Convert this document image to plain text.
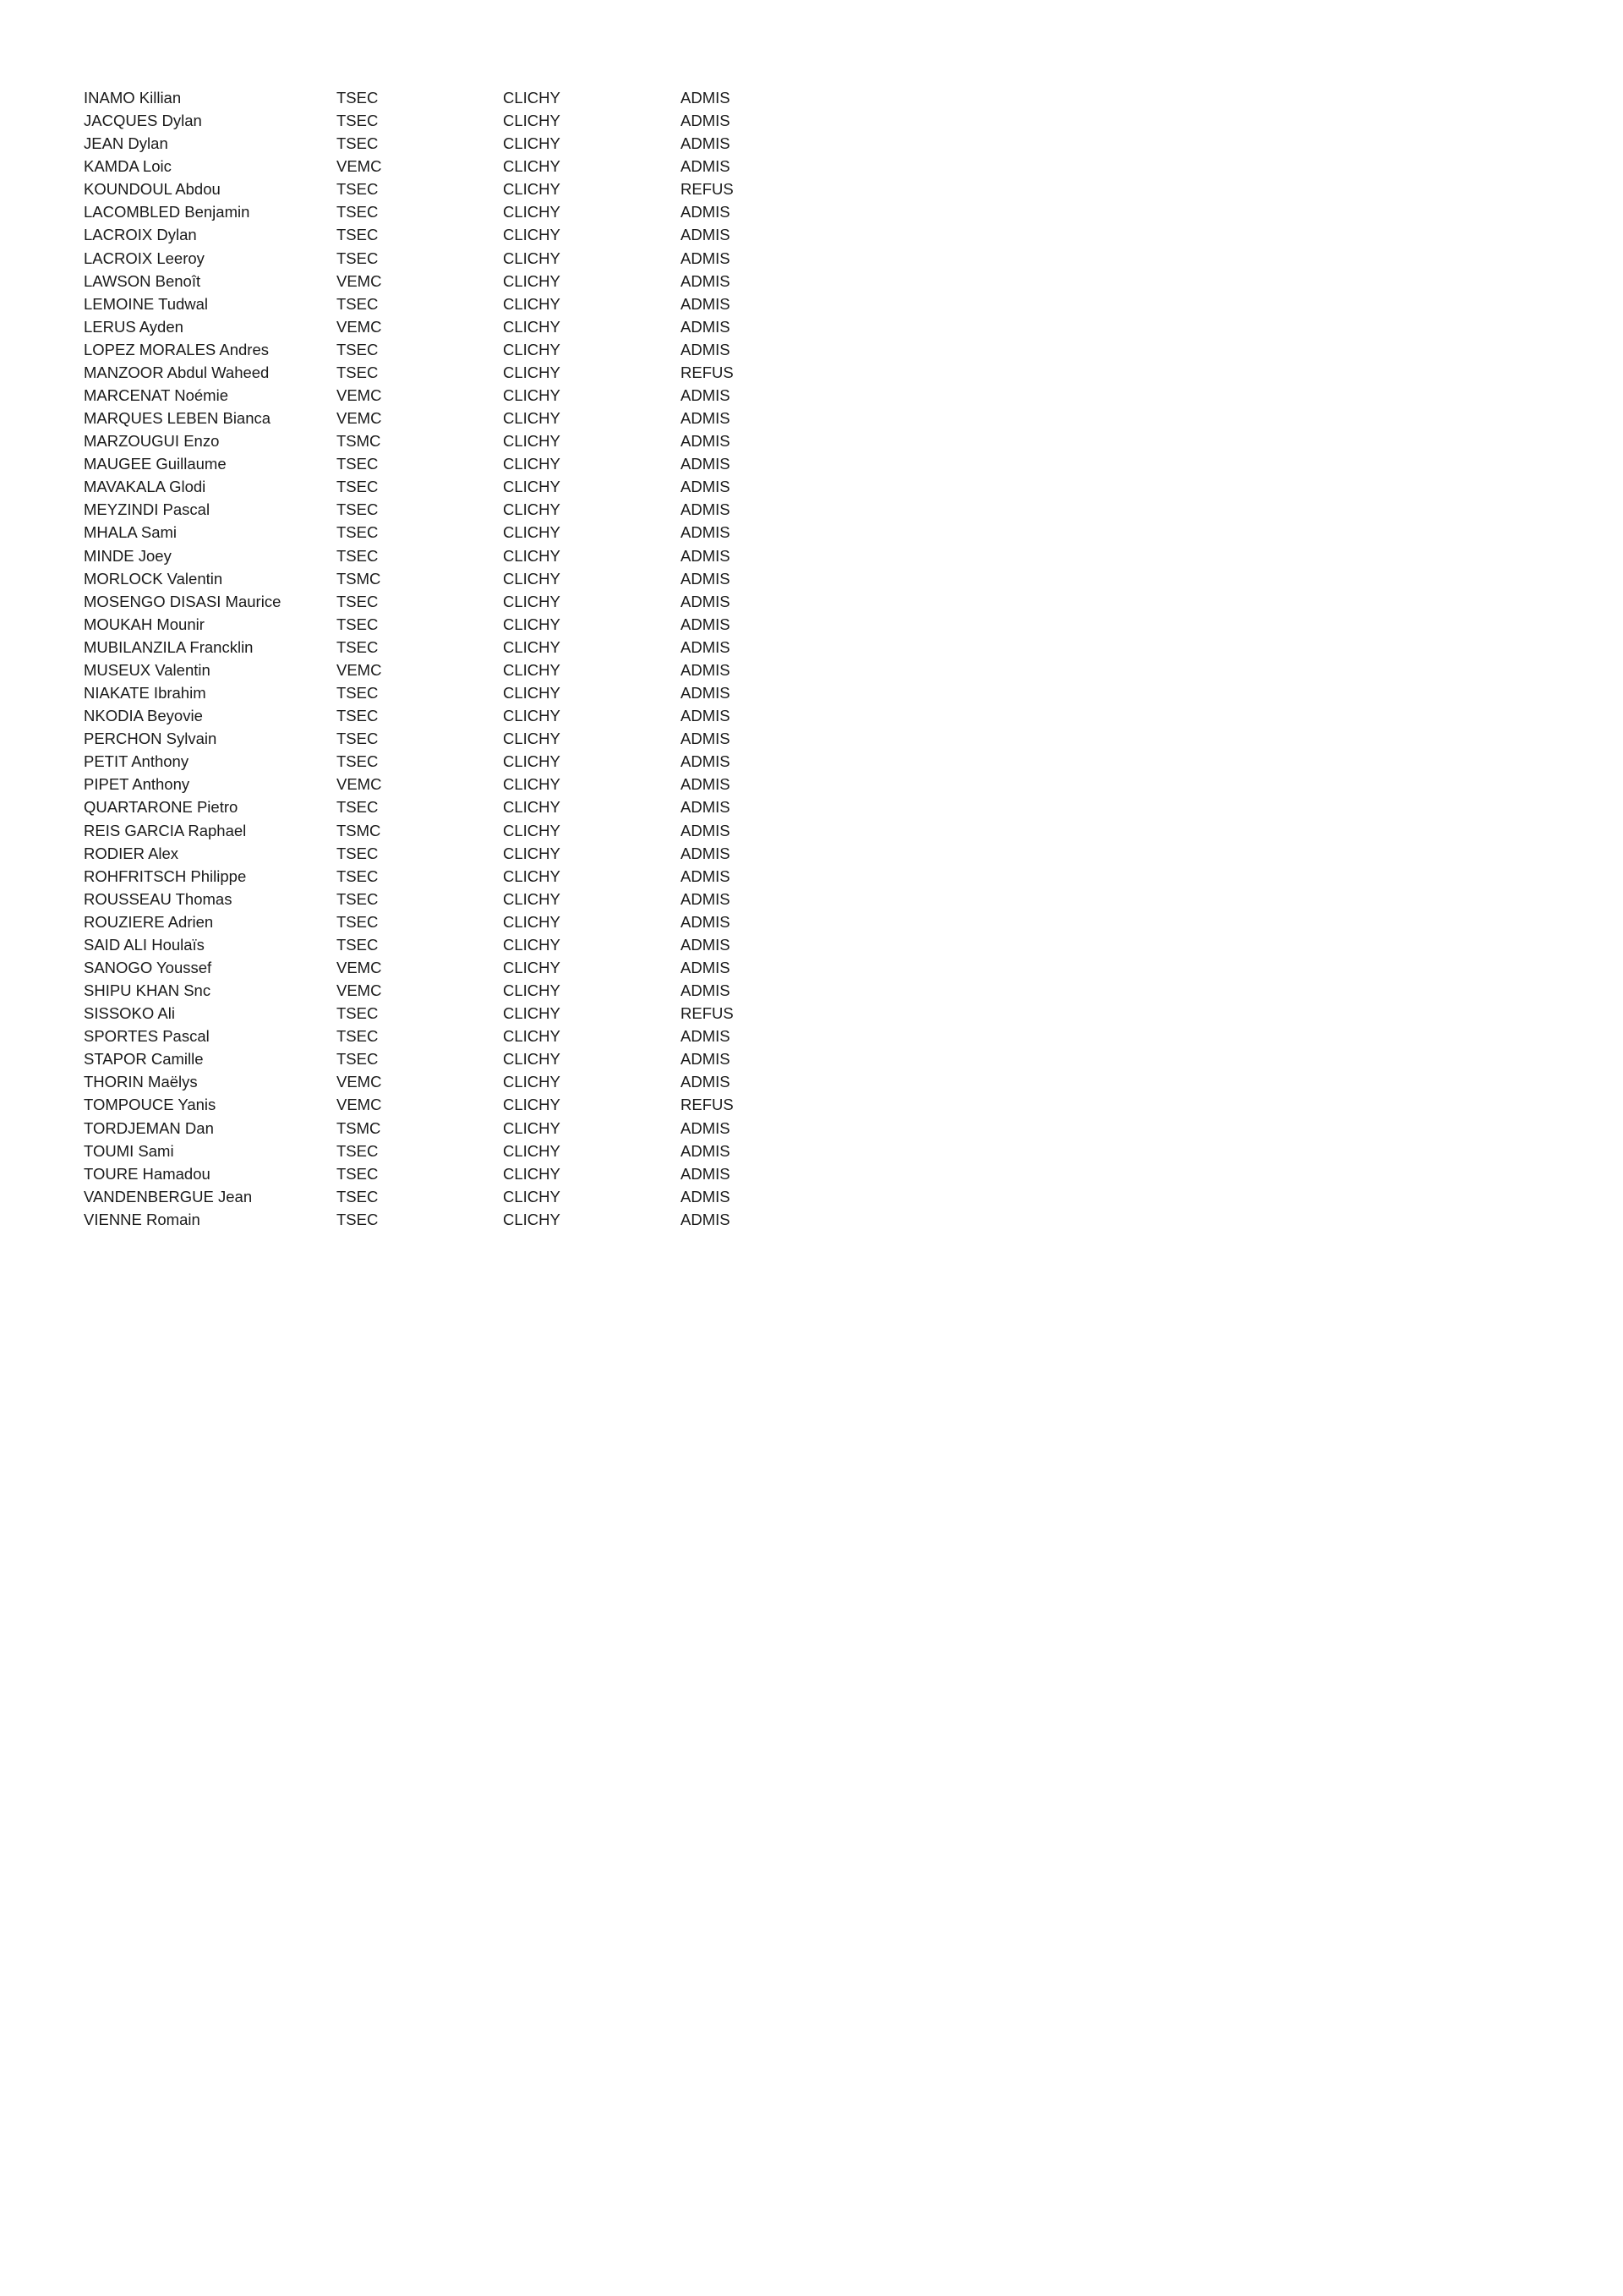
INAMO Killian	TSEC	CLICHY	ADMIS
JACQUES Dylan	TSEC	CLICHY	ADMIS
JEAN Dylan	TSEC	CLICHY	ADMIS
KAMDA Loic	VEMC	CLICHY	ADMIS
KOUNDOUL Abdou	TSEC	CLICHY	REFUS
LACOMBLED Benjamin	TSEC	CLICHY	ADMIS
LACROIX Dylan	TSEC	CLICHY	ADMIS
LACROIX Leeroy	TSEC	CLICHY	ADMIS
LAWSON Benoît	VEMC	CLICHY	ADMIS
LEMOINE Tudwal	TSEC	CLICHY	ADMIS
LERUS Ayden	VEMC	CLICHY	ADMIS
LOPEZ MORALES Andres	TSEC	CLICHY	ADMIS
MANZOOR Abdul Waheed	TSEC	CLICHY	REFUS
MARCENAT Noémie	VEMC	CLICHY	ADMIS
MARQUES LEBEN Bianca	VEMC	CLICHY	ADMIS
MARZOUGUI Enzo	TSMC	CLICHY	ADMIS
MAUGEE Guillaume	TSEC	CLICHY	ADMIS
MAVAKALA Glodi	TSEC	CLICHY	ADMIS
MEYZINDI Pascal	TSEC	CLICHY	ADMIS
MHALA Sami	TSEC	CLICHY	ADMIS
MINDE Joey	TSEC	CLICHY	ADMIS
MORLOCK Valentin	TSMC	CLICHY	ADMIS
MOSENGO DISASI Maurice	TSEC	CLICHY	ADMIS
MOUKAH Mounir	TSEC	CLICHY	ADMIS
MUBILANZILA Francklin	TSEC	CLICHY	ADMIS
MUSEUX Valentin	VEMC	CLICHY	ADMIS
NIAKATE Ibrahim	TSEC	CLICHY	ADMIS
NKODIA Beyovie	TSEC	CLICHY	ADMIS
PERCHON Sylvain	TSEC	CLICHY	ADMIS
PETIT Anthony	TSEC	CLICHY	ADMIS
PIPET Anthony	VEMC	CLICHY	ADMIS
QUARTARONE Pietro	TSEC	CLICHY	ADMIS
REIS GARCIA Raphael	TSMC	CLICHY	ADMIS
RODIER Alex	TSEC	CLICHY	ADMIS
ROHFRITSCH Philippe	TSEC	CLICHY	ADMIS
ROUSSEAU Thomas	TSEC	CLICHY	ADMIS
ROUZIERE Adrien	TSEC	CLICHY	ADMIS
SAID ALI Houlaïs	TSEC	CLICHY	ADMIS
SANOGO Youssef	VEMC	CLICHY	ADMIS
SHIPU KHAN Snc	VEMC	CLICHY	ADMIS
SISSOKO Ali	TSEC	CLICHY	REFUS
SPORTES Pascal	TSEC	CLICHY	ADMIS
STAPOR Camille	TSEC	CLICHY	ADMIS
THORIN Maëlys	VEMC	CLICHY	ADMIS
TOMPOUCE Yanis	VEMC	CLICHY	REFUS
TORDJEMAN Dan	TSMC	CLICHY	ADMIS
TOUMI Sami	TSEC	CLICHY	ADMIS
TOURE Hamadou	TSEC	CLICHY	ADMIS
VANDENBERGUE Jean	TSEC	CLICHY	ADMIS
VIENNE Romain	TSEC	CLICHY	ADMIS
